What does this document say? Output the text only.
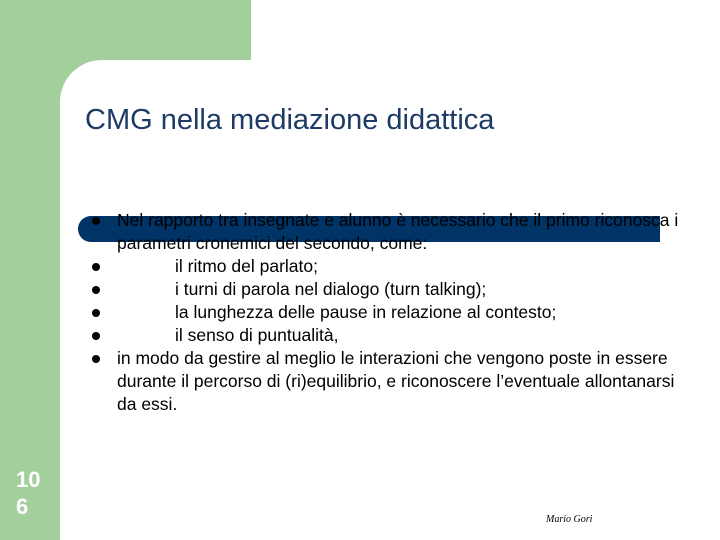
CMG nella mediazione didattica
Nel rapporto tra insegnate e alunno è necessario che il primo riconosca i parametri cronemici del secondo, come:
il ritmo del parlato;
i turni di parola nel dialogo (turn talking);
la lunghezza delle pause in relazione al contesto;
il senso di puntualità,
in modo da gestire al meglio le interazioni che vengono poste in essere durante il percorso di (ri)equilibrio, e riconoscere l’eventuale allontanarsi da essi.
10
6
Mario Gori
